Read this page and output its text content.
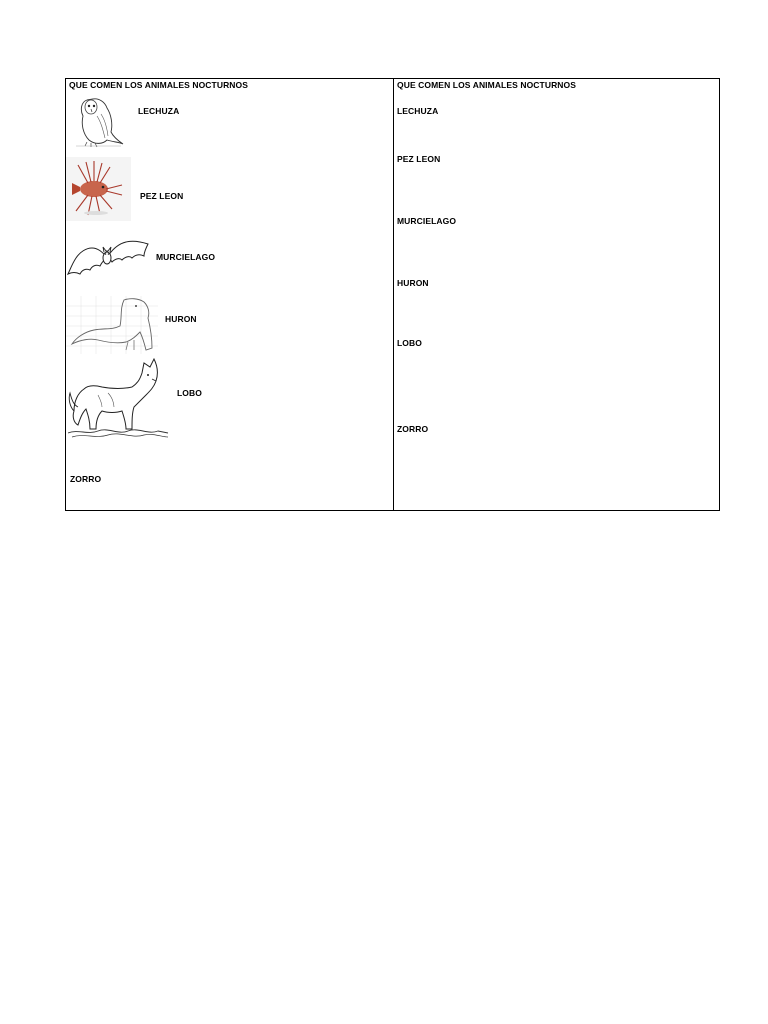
QUE COMEN LOS ANIMALES NOCTURNOS
LECHUZA
PEZ LEON
MURCIELAGO
HURON
LOBO
ZORRO
QUE COMEN LOS ANIMALES NOCTURNOS
LECHUZA
PEZ LEON
MURCIELAGO
HURON
LOBO
ZORRO
